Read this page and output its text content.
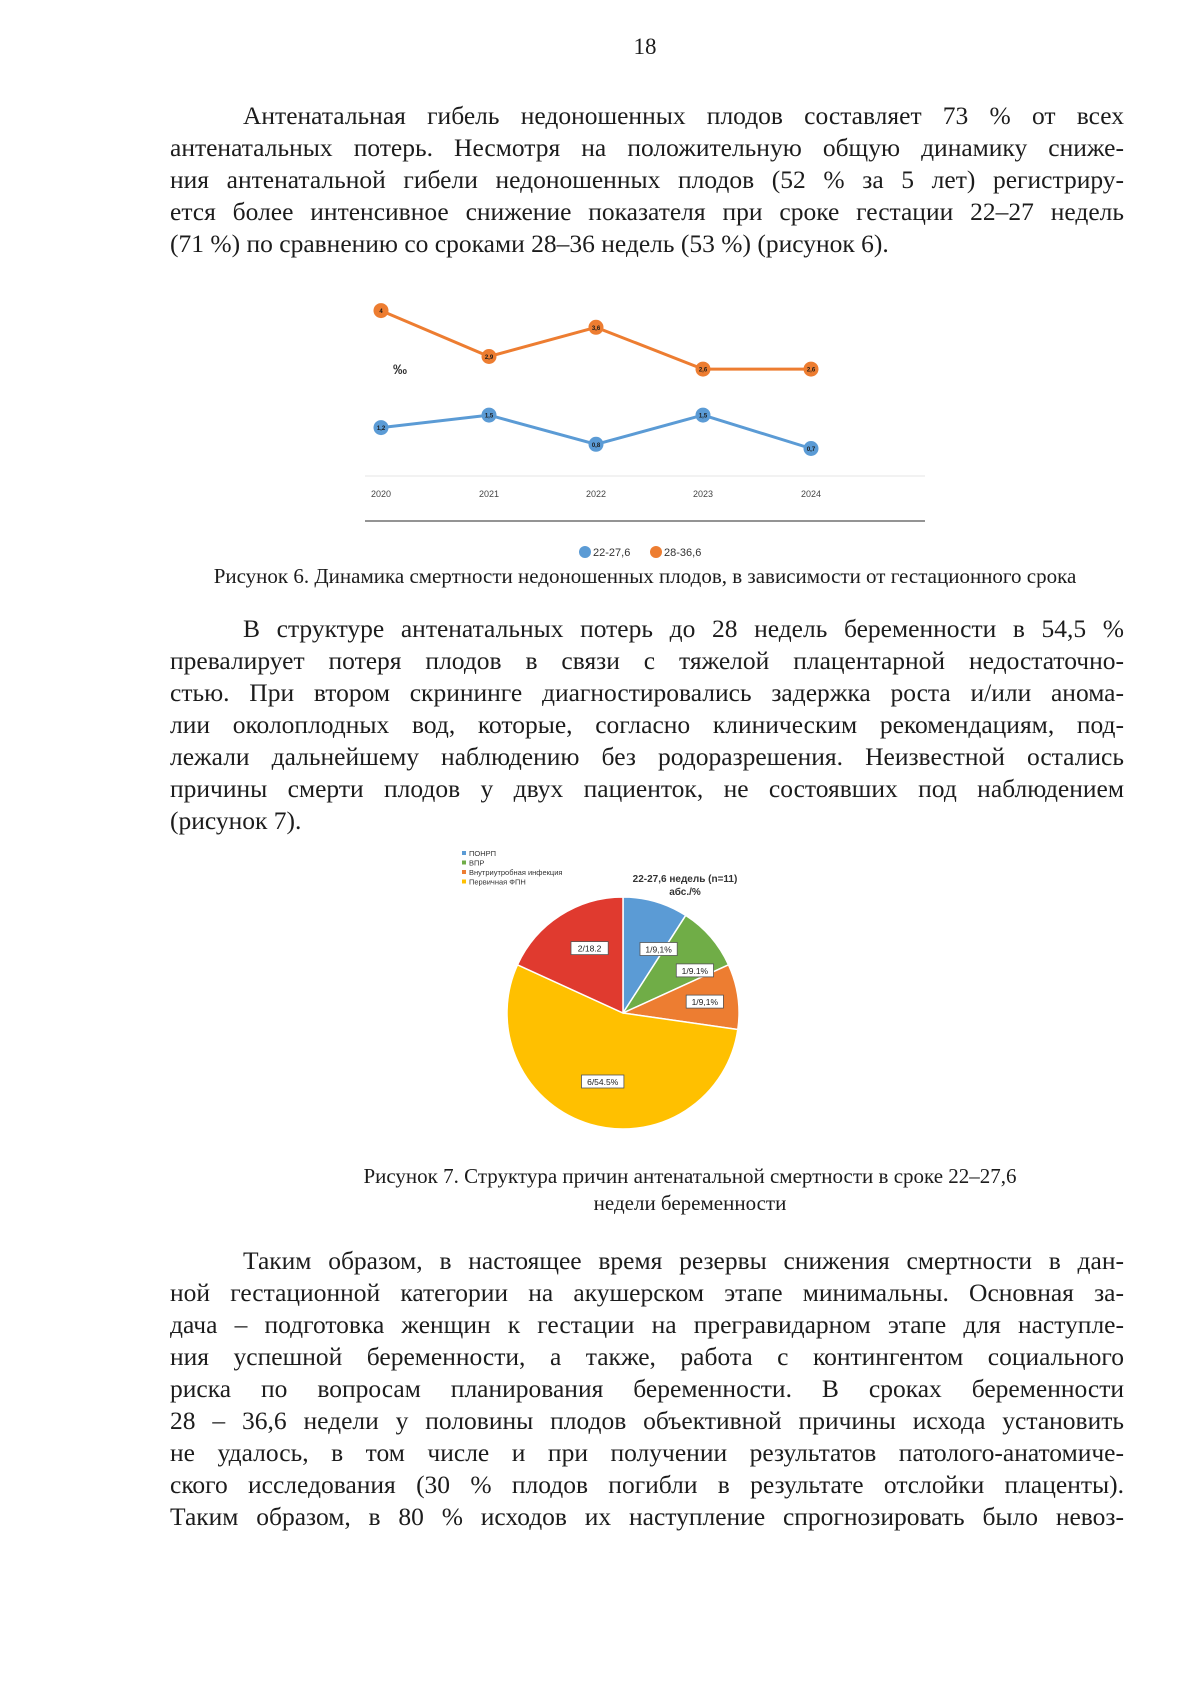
18
Антенатальная гибель недоношенных плодов составляет 73 % от всех
антенатальных потерь. Несмотря на положительную общую динамику сниже-
ния антенатальной гибели недоношенных плодов (52 % за 5 лет) регистриру-
ется более интенсивное снижение показателя при сроке гестации 22–27 недель
(71 %) по сравнению со сроками 28–36 недель (53 %) (рисунок 6).
‰
2020	2021	2022	2023	2024
1,2
1,5
0,8
1,5
0,7
4
2,9
3,6
2,6	2,6
22-27,6	28-36,6
Рисунок 6. Динамика смертности недоношенных плодов, в зависимости от гестационного срока
В структуре антенатальных потерь до 28 недель беременности в 54,5 %
превалирует потеря плодов в связи с тяжелой плацентарной недостаточно-
стью. При втором скрининге диагностировались задержка роста и/или анома-
лии околоплодных вод, которые, согласно клиническим рекомендациям, под-
лежали дальнейшему наблюдению без родоразрешения. Неизвестной остались
причины смерти плодов у двух пациенток, не состоявших под наблюдением
(рисунок 7).
ПОНРП
ВПР
Внутриутробная инфекция
Первичная ФПН	22-27,6 недель (n=11)
абс./%
1/9,1%
1/9.1%
1/9,1%
6/54.5%
2/18.2
Рисунок 7. Структура причин антенатальной смертности в сроке 22–27,6
недели беременности
Таким образом, в настоящее время резервы снижения смертности в дан-
ной гестационной категории на акушерском этапе минимальны. Основная за-
дача – подготовка женщин к гестации на прегравидарном этапе для наступле-
ния успешной беременности, а также, работа с контингентом социального
риска по вопросам планирования беременности. В сроках беременности
28 – 36,6 недели у половины плодов объективной причины исхода установить
не удалось, в том числе и при получении результатов патолого-анатомиче-
ского исследования (30 % плодов погибли в результате отслойки плаценты).
Таким образом, в 80 % исходов их наступление спрогнозировать было невоз-
